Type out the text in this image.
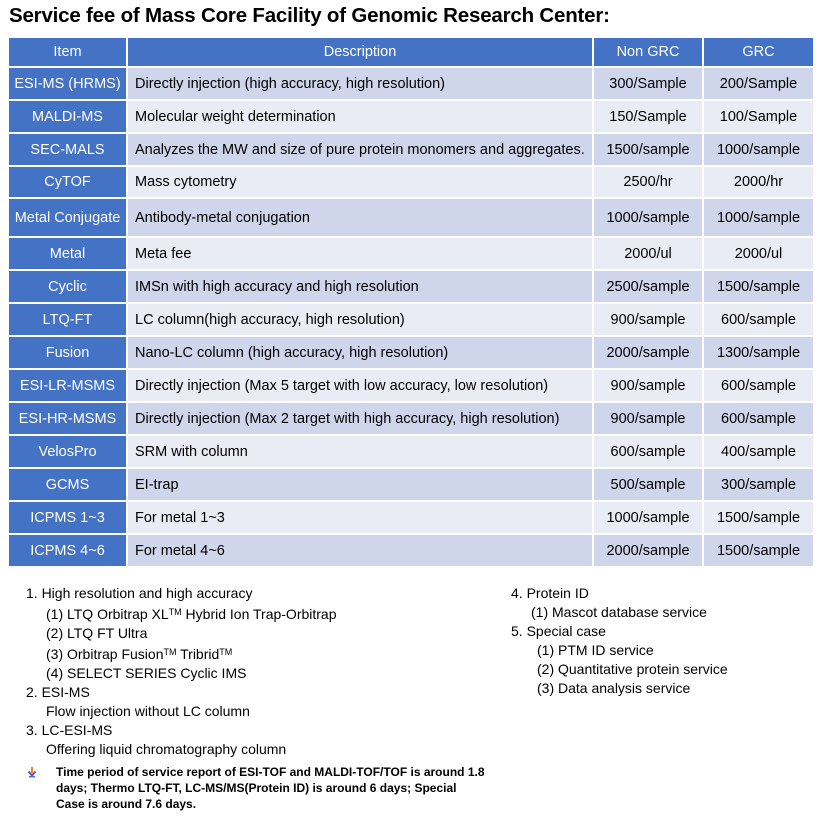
Service fee of Mass Core Facility of Genomic Research Center:
Item	Description	Non GRC	GRC
ESI-MS (HRMS)	Directly injection (high accuracy, high resolution)	300/Sample	200/Sample
MALDI-MS	Molecular weight determination	150/Sample	100/Sample
SEC-MALS	Analyzes the MW and size of pure protein monomers and aggregates.	1500/sample	1000/sample
CyTOF	Mass cytometry	2500/hr	2000/hr
Metal Conjugate	Antibody-metal conjugation	1000/sample	1000/sample
Metal	Meta fee	2000/ul	2000/ul
Cyclic	IMSn with high accuracy and high resolution	2500/sample	1500/sample
LTQ-FT	LC column(high accuracy, high resolution)	900/sample	600/sample
Fusion	Nano-LC column (high accuracy, high resolution)	2000/sample	1300/sample
ESI-LR-MSMS	Directly injection (Max 5 target with low accuracy, low resolution)	900/sample	600/sample
ESI-HR-MSMS	Directly injection (Max 2 target with high accuracy, high resolution)	900/sample	600/sample
VelosPro	SRM with column	600/sample	400/sample
GCMS	EI-trap	500/sample	300/sample
ICPMS 1~3	For metal 1~3	1000/sample	1500/sample
ICPMS 4~6	For metal 4~6	2000/sample	1500/sample
1. High resolution and high accuracy
(1) LTQ Orbitrap XL™ Hybrid Ion Trap-Orbitrap
(2) LTQ FT Ultra
(3) Orbitrap Fusion™ Tribrid™
(4) SELECT SERIES Cyclic IMS
2. ESI-MS
Flow injection without LC column
3. LC-ESI-MS
Offering liquid chromatography column
4. Protein ID
(1) Mascot database service
5. Special case
(1) PTM ID service
(2) Quantitative protein service
(3) Data analysis service
Time period of service report of ESI-TOF and MALDI-TOF/TOF is around 1.8 days; Thermo LTQ-FT, LC-MS/MS(Protein ID) is around 6 days; Special Case is around 7.6 days.
